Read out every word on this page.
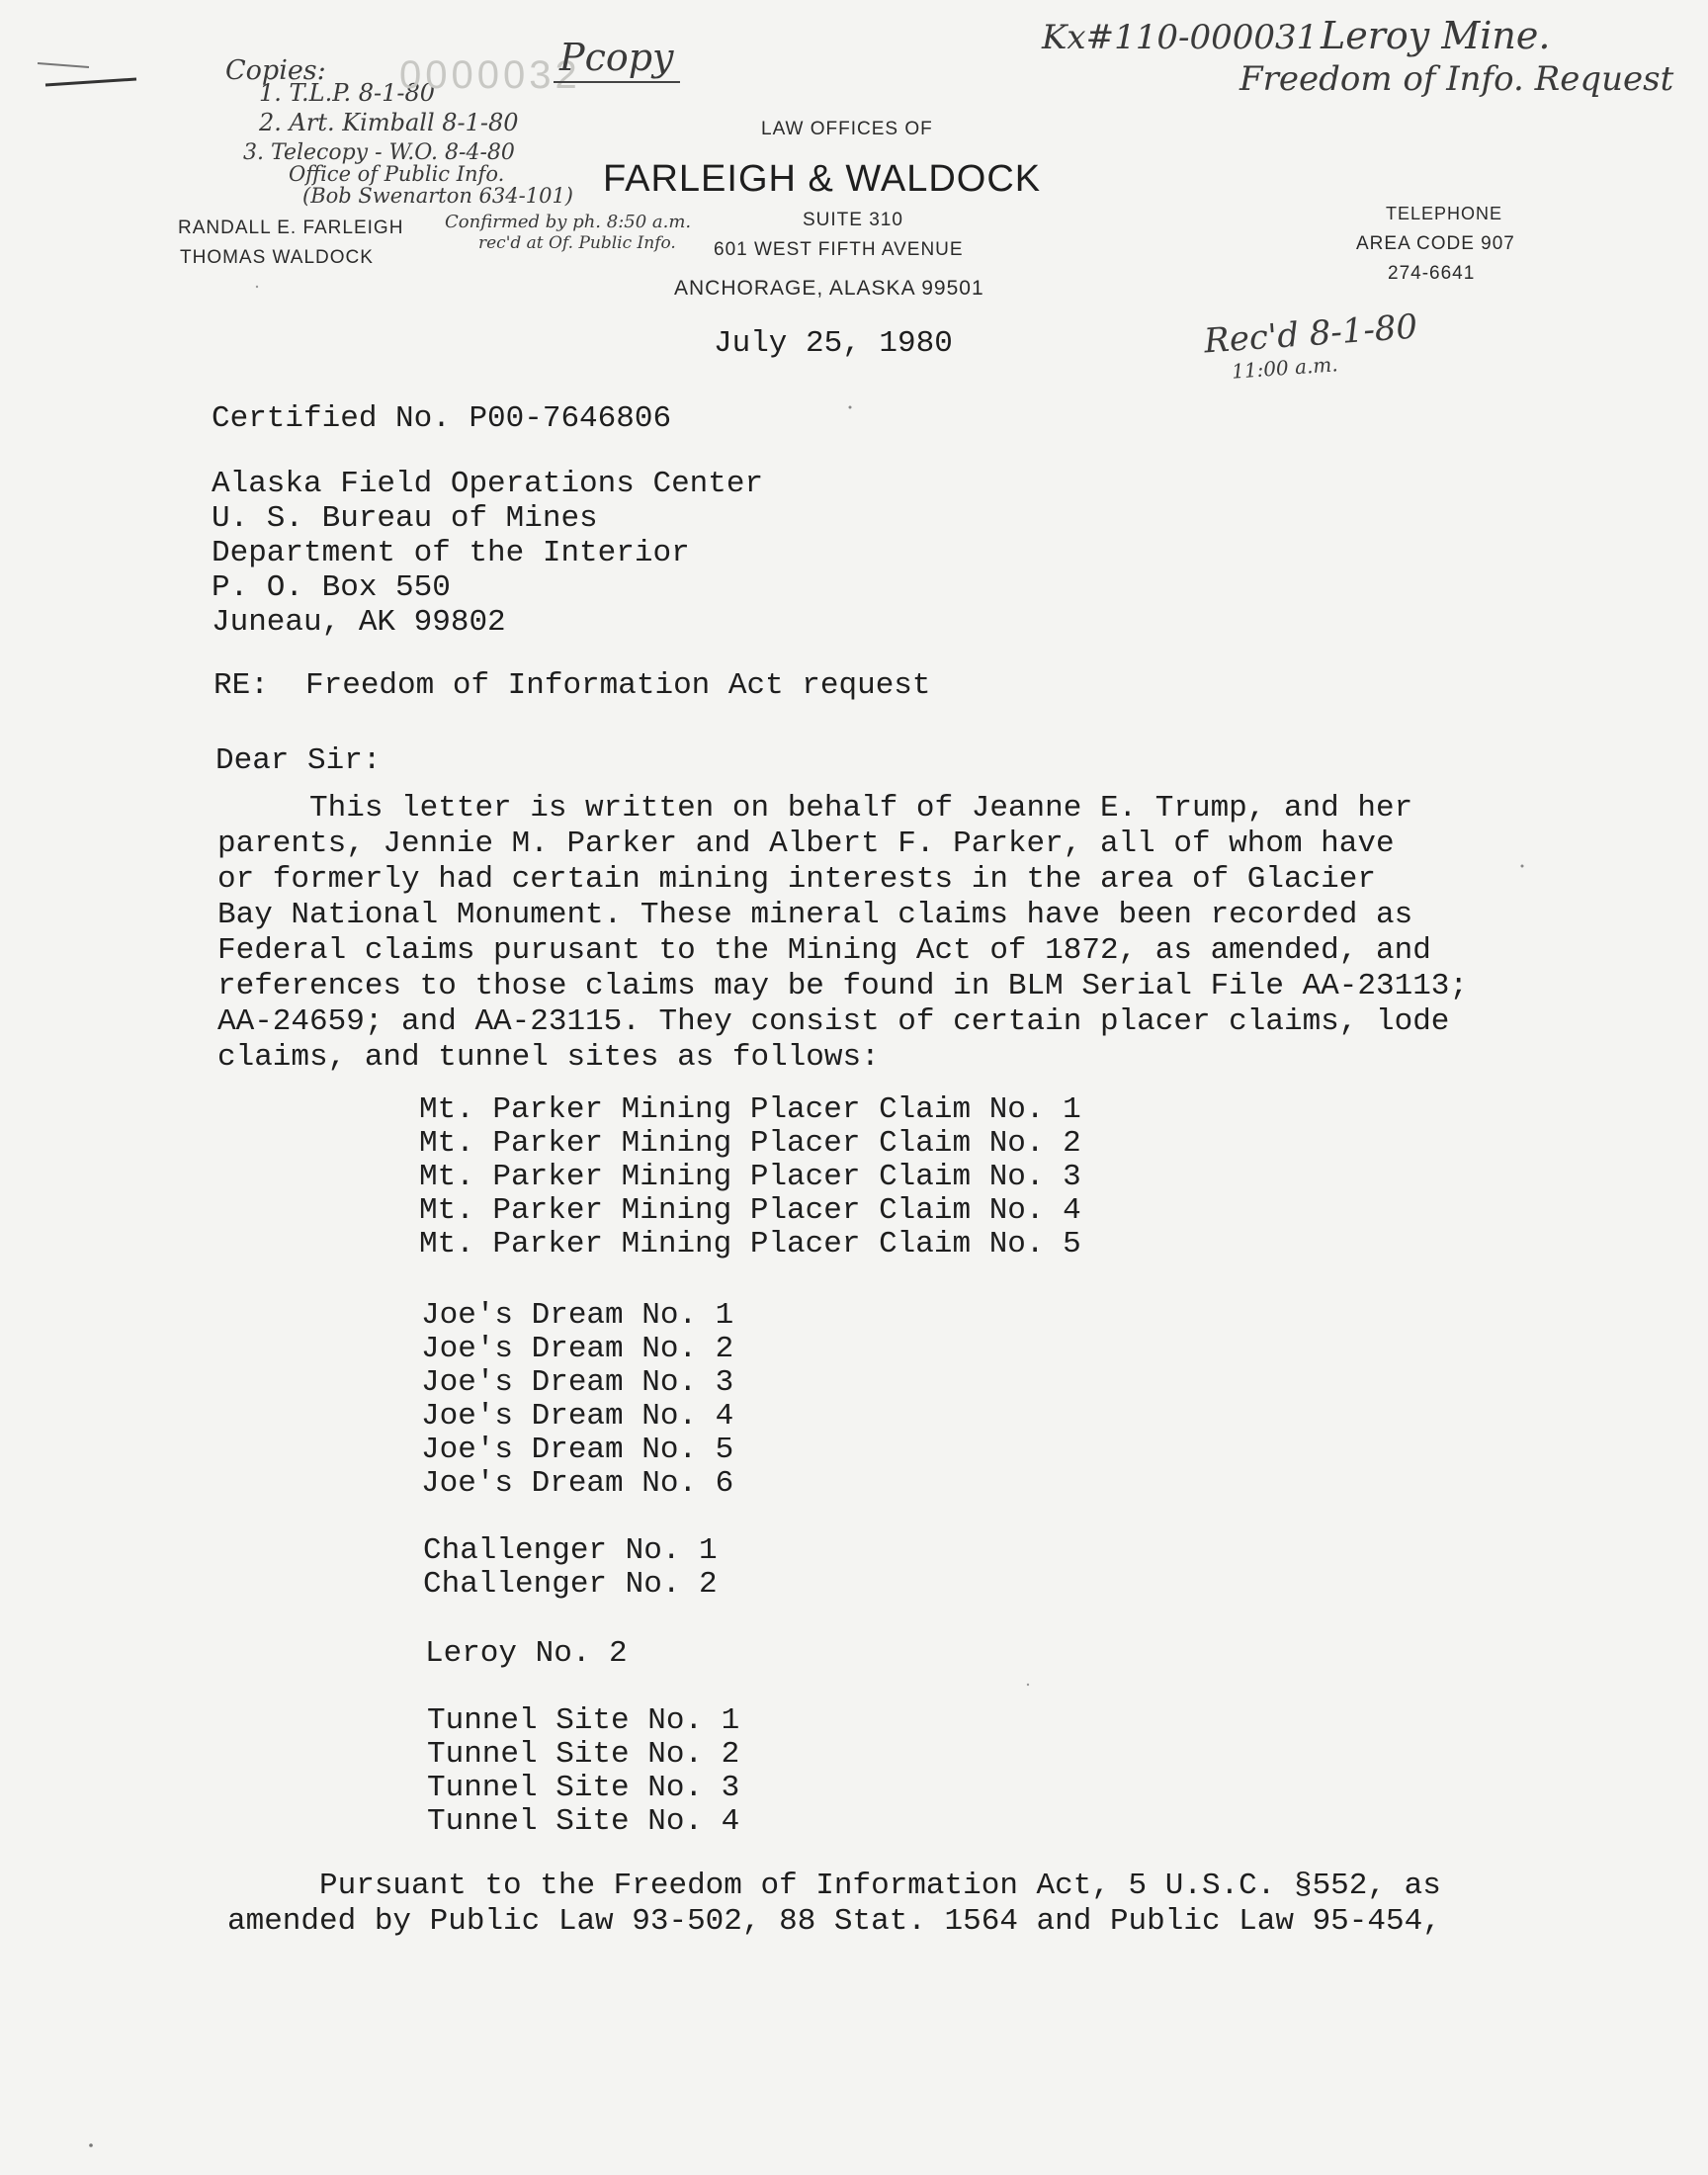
Copies:
1. T.L.P. 8-1-80
2. Art. Kimball 8-1-80
3. Telecopy - W.O. 8-4-80
Office of Public Info.
(Bob Swenarton 634-101)
Confirmed by ph. 8:50 a.m.
rec'd at Of. Public Info.
0000032
Pcopy	Kx#110-000031 Leroy Mine.
Freedom of Info. Request
LAW OFFICES OF
FARLEIGH & WALDOCK
SUITE 310
601 WEST FIFTH AVENUE
ANCHORAGE, ALASKA 99501
RANDALL E. FARLEIGH
THOMAS WALDOCK
TELEPHONE
AREA CODE 907
274-6641
Rec'd 8-1-80
11:00 a.m.
July 25, 1980
Certified No. P00-7646806
Alaska Field Operations Center
U. S. Bureau of Mines
Department of the Interior
P. O. Box 550
Juneau, AK 99802
RE:  Freedom of Information Act request
Dear Sir:
This letter is written on behalf of Jeanne E. Trump, and her
parents, Jennie M. Parker and Albert F. Parker, all of whom have
or formerly had certain mining interests in the area of Glacier
Bay National Monument. These mineral claims have been recorded as
Federal claims purusant to the Mining Act of 1872, as amended, and
references to those claims may be found in BLM Serial File AA-23113;
AA-24659; and AA-23115. They consist of certain placer claims, lode
claims, and tunnel sites as follows:
Mt. Parker Mining Placer Claim No. 1
Mt. Parker Mining Placer Claim No. 2
Mt. Parker Mining Placer Claim No. 3
Mt. Parker Mining Placer Claim No. 4
Mt. Parker Mining Placer Claim No. 5
Joe's Dream No. 1
Joe's Dream No. 2
Joe's Dream No. 3
Joe's Dream No. 4
Joe's Dream No. 5
Joe's Dream No. 6
Challenger No. 1
Challenger No. 2
Leroy No. 2
Tunnel Site No. 1
Tunnel Site No. 2
Tunnel Site No. 3
Tunnel Site No. 4
Pursuant to the Freedom of Information Act, 5 U.S.C. §552, as
amended by Public Law 93-502, 88 Stat. 1564 and Public Law 95-454,
